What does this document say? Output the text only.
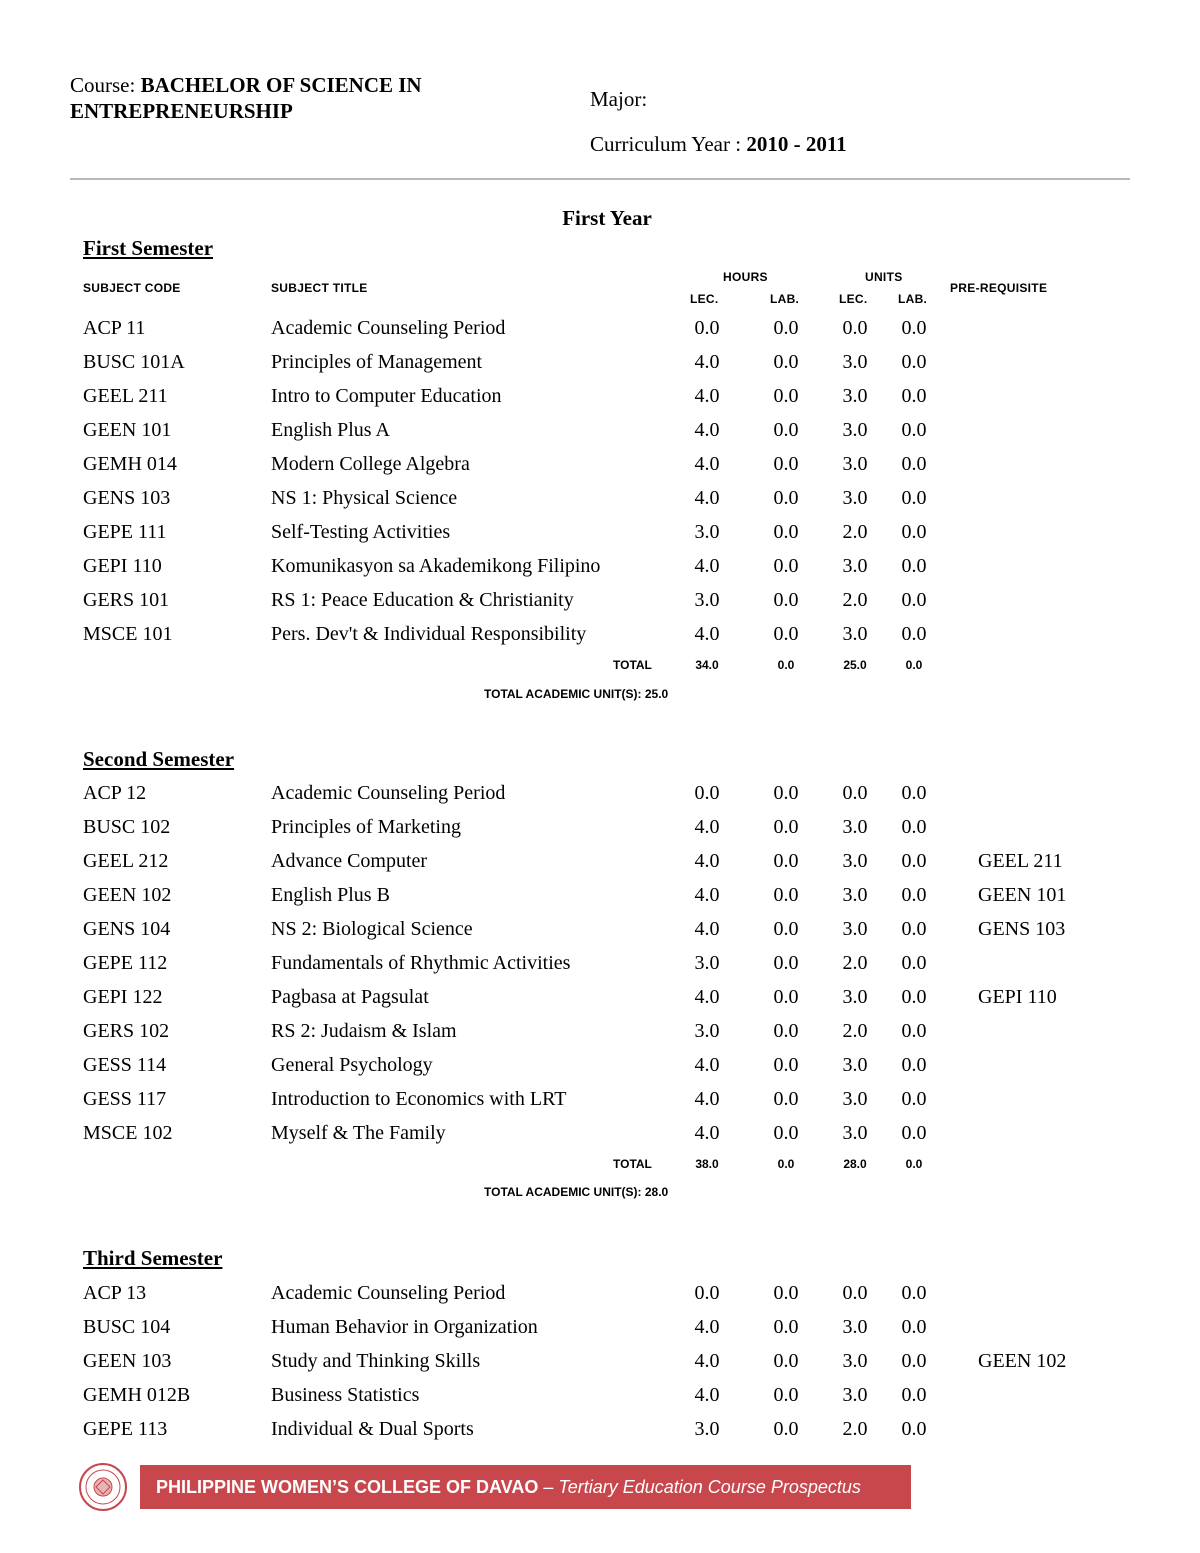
Course: BACHELOR OF SCIENCE IN ENTREPRENEURSHIP	Major:
Curriculum Year : 2010 - 2011
First Year
First Semester
SUBJECT CODE	SUBJECT TITLE
HOURS	UNITS
LEC.	LAB.	LEC.	LAB.
PRE-REQUISITE
ACP 11	Academic Counseling Period	0.0	0.0	0.0	0.0
BUSC 101A	Principles of Management	4.0	0.0	3.0	0.0
GEEL 211	Intro to Computer Education	4.0	0.0	3.0	0.0
GEEN 101	English Plus A	4.0	0.0	3.0	0.0
GEMH 014	Modern College Algebra	4.0	0.0	3.0	0.0
GENS 103	NS 1: Physical Science	4.0	0.0	3.0	0.0
GEPE 111	Self-Testing Activities	3.0	0.0	2.0	0.0
GEPI 110	Komunikasyon sa Akademikong Filipino	4.0	0.0	3.0	0.0
GERS 101	RS 1: Peace Education & Christianity	3.0	0.0	2.0	0.0
MSCE 101	Pers. Dev't & Individual Responsibility	4.0	0.0	3.0	0.0
TOTAL	34.0	0.0	25.0	0.0
TOTAL ACADEMIC UNIT(S): 25.0
Second Semester
ACP 12	Academic Counseling Period	0.0	0.0	0.0	0.0
BUSC 102	Principles of Marketing	4.0	0.0	3.0	0.0
GEEL 212	Advance Computer	4.0	0.0	3.0	0.0	GEEL 211
GEEN 102	English Plus B	4.0	0.0	3.0	0.0	GEEN 101
GENS 104	NS 2: Biological Science	4.0	0.0	3.0	0.0	GENS 103
GEPE 112	Fundamentals of Rhythmic Activities	3.0	0.0	2.0	0.0
GEPI 122	Pagbasa at Pagsulat	4.0	0.0	3.0	0.0	GEPI 110
GERS 102	RS 2: Judaism & Islam	3.0	0.0	2.0	0.0
GESS 114	General Psychology	4.0	0.0	3.0	0.0
GESS 117	Introduction to Economics with LRT	4.0	0.0	3.0	0.0
MSCE 102	Myself & The Family	4.0	0.0	3.0	0.0
TOTAL	38.0	0.0	28.0	0.0
TOTAL ACADEMIC UNIT(S): 28.0
Third Semester
ACP 13	Academic Counseling Period	0.0	0.0	0.0	0.0
BUSC 104	Human Behavior in Organization	4.0	0.0	3.0	0.0
GEEN 103	Study and Thinking Skills	4.0	0.0	3.0	0.0	GEEN 102
GEMH 012B	Business Statistics	4.0	0.0	3.0	0.0
GEPE 113	Individual & Dual Sports	3.0	0.0	2.0	0.0
PHILIPPINE WOMEN’S COLLEGE OF DAVAO – Tertiary Education Course Prospectus
